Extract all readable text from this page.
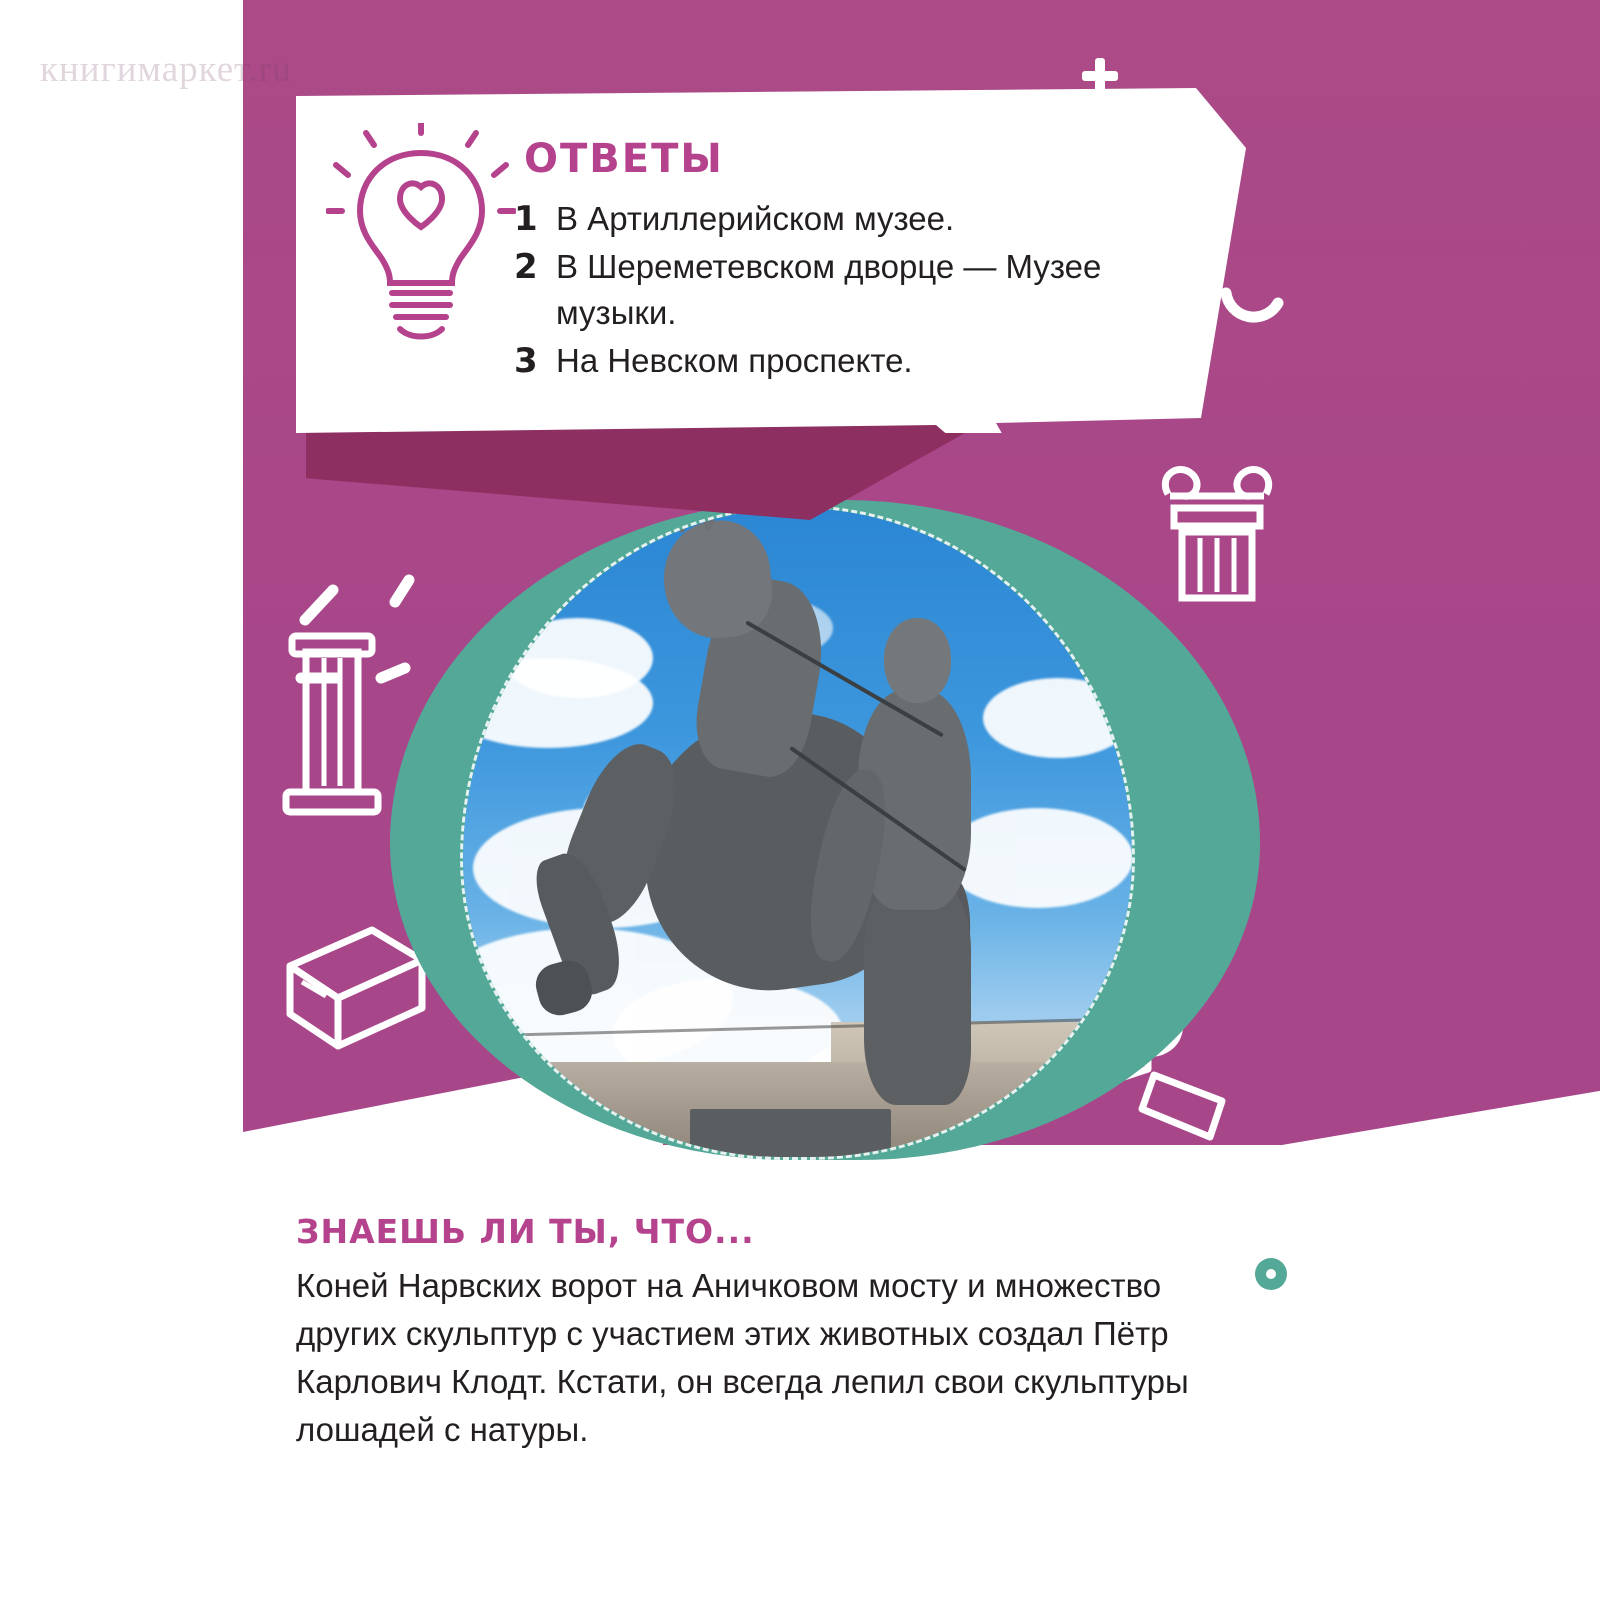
книгимаркет.ru
ОТВЕТЫ
1 В Артиллерийском музее.
2 В Шереметевском дворце — Музее музыки.
3 На Невском проспекте.
ЗНАЕШЬ ЛИ ТЫ, ЧТО...

Коней Нарвских ворот на Аничковом мосту и множество других скульптур с участием этих животных создал Пётр Карлович Клодт. Кстати, он всегда лепил свои скульптуры лошадей с натуры.
